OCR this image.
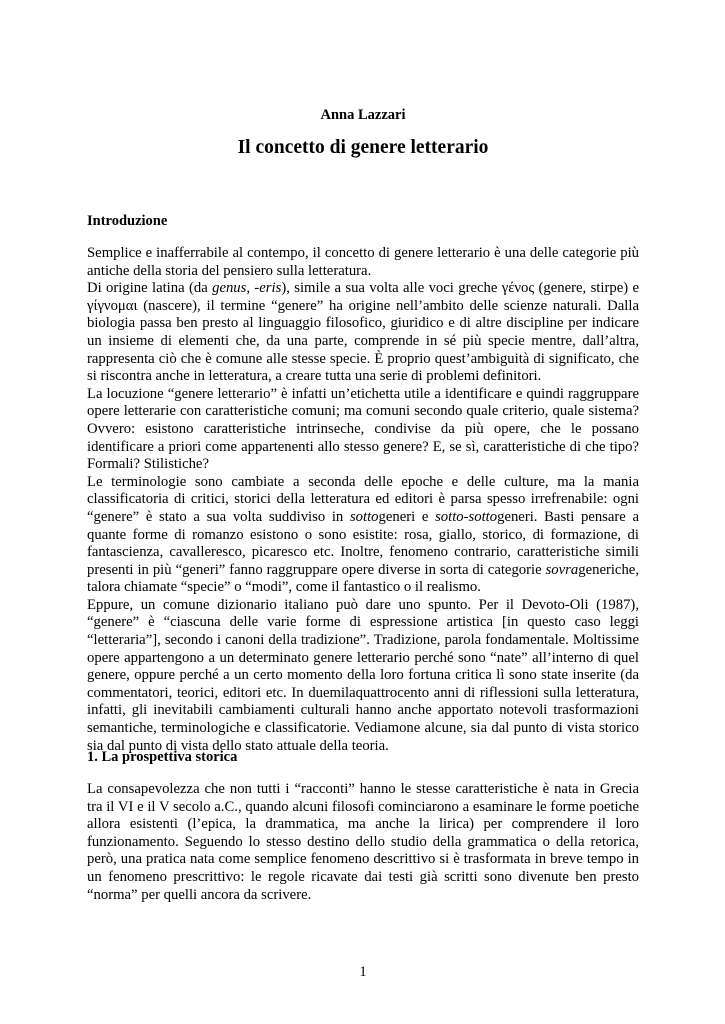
Anna Lazzari
Il concetto di genere letterario
Introduzione

Semplice e inafferrabile al contempo, il concetto di genere letterario è una delle categorie più antiche della storia del pensiero sulla letteratura.

Di origine latina (da genus, -eris), simile a sua volta alle voci greche γένος (genere, stirpe) e γίγνομαι (nascere), il termine “genere” ha origine nell’ambito delle scienze naturali. Dalla biologia passa ben presto al linguaggio filosofico, giuridico e di altre discipline per indicare un insieme di elementi che, da una parte, comprende in sé più specie mentre, dall’altra, rappresenta ciò che è comune alle stesse specie. È proprio quest’ambiguità di significato, che si riscontra anche in letteratura, a creare tutta una serie di problemi definitori.

La locuzione “genere letterario” è infatti un’etichetta utile a identificare e quindi raggruppare opere letterarie con caratteristiche comuni; ma comuni secondo quale criterio, quale sistema? Ovvero: esistono caratteristiche intrinseche, condivise da più opere, che le possano identificare a priori come appartenenti allo stesso genere? E, se sì, caratteristiche di che tipo? Formali? Stilistiche?

Le terminologie sono cambiate a seconda delle epoche e delle culture, ma la mania classificatoria di critici, storici della letteratura ed editori è parsa spesso irrefrenabile: ogni “genere” è stato a sua volta suddiviso in sottogeneri e sotto-sottogeneri. Basti pensare a quante forme di romanzo esistono o sono esistite: rosa, giallo, storico, di formazione, di fantascienza, cavalleresco, picaresco etc. Inoltre, fenomeno contrario, caratteristiche simili presenti in più “generi” fanno raggruppare opere diverse in sorta di categorie sovrageneriche, talora chiamate “specie” o “modi”, come il fantastico o il realismo.

Eppure, un comune dizionario italiano può dare uno spunto. Per il Devoto-Oli (1987), “genere” è “ciascuna delle varie forme di espressione artistica [in questo caso leggi “letteraria”], secondo i canoni della tradizione”. Tradizione, parola fondamentale. Moltissime opere appartengono a un determinato genere letterario perché sono “nate” all’interno di quel genere, oppure perché a un certo momento della loro fortuna critica lì sono state inserite (da commentatori, teorici, editori etc. In duemilaquattrocento anni di riflessioni sulla letteratura, infatti, gli inevitabili cambiamenti culturali hanno anche apportato notevoli trasformazioni semantiche, terminologiche e classificatorie. Vediamone alcune, sia dal punto di vista storico sia dal punto di vista dello stato attuale della teoria.

1. La prospettiva storica

La consapevolezza che non tutti i “racconti” hanno le stesse caratteristiche è nata in Grecia tra il VI e il V secolo a.C., quando alcuni filosofi cominciarono a esaminare le forme poetiche allora esistenti (l’epica, la drammatica, ma anche la lirica) per comprendere il loro funzionamento. Seguendo lo stesso destino dello studio della grammatica o della retorica, però, una pratica nata come semplice fenomeno descrittivo si è trasformata in breve tempo in un fenomeno prescrittivo: le regole ricavate dai testi già scritti sono divenute ben presto “norma” per quelli ancora da scrivere.

1
